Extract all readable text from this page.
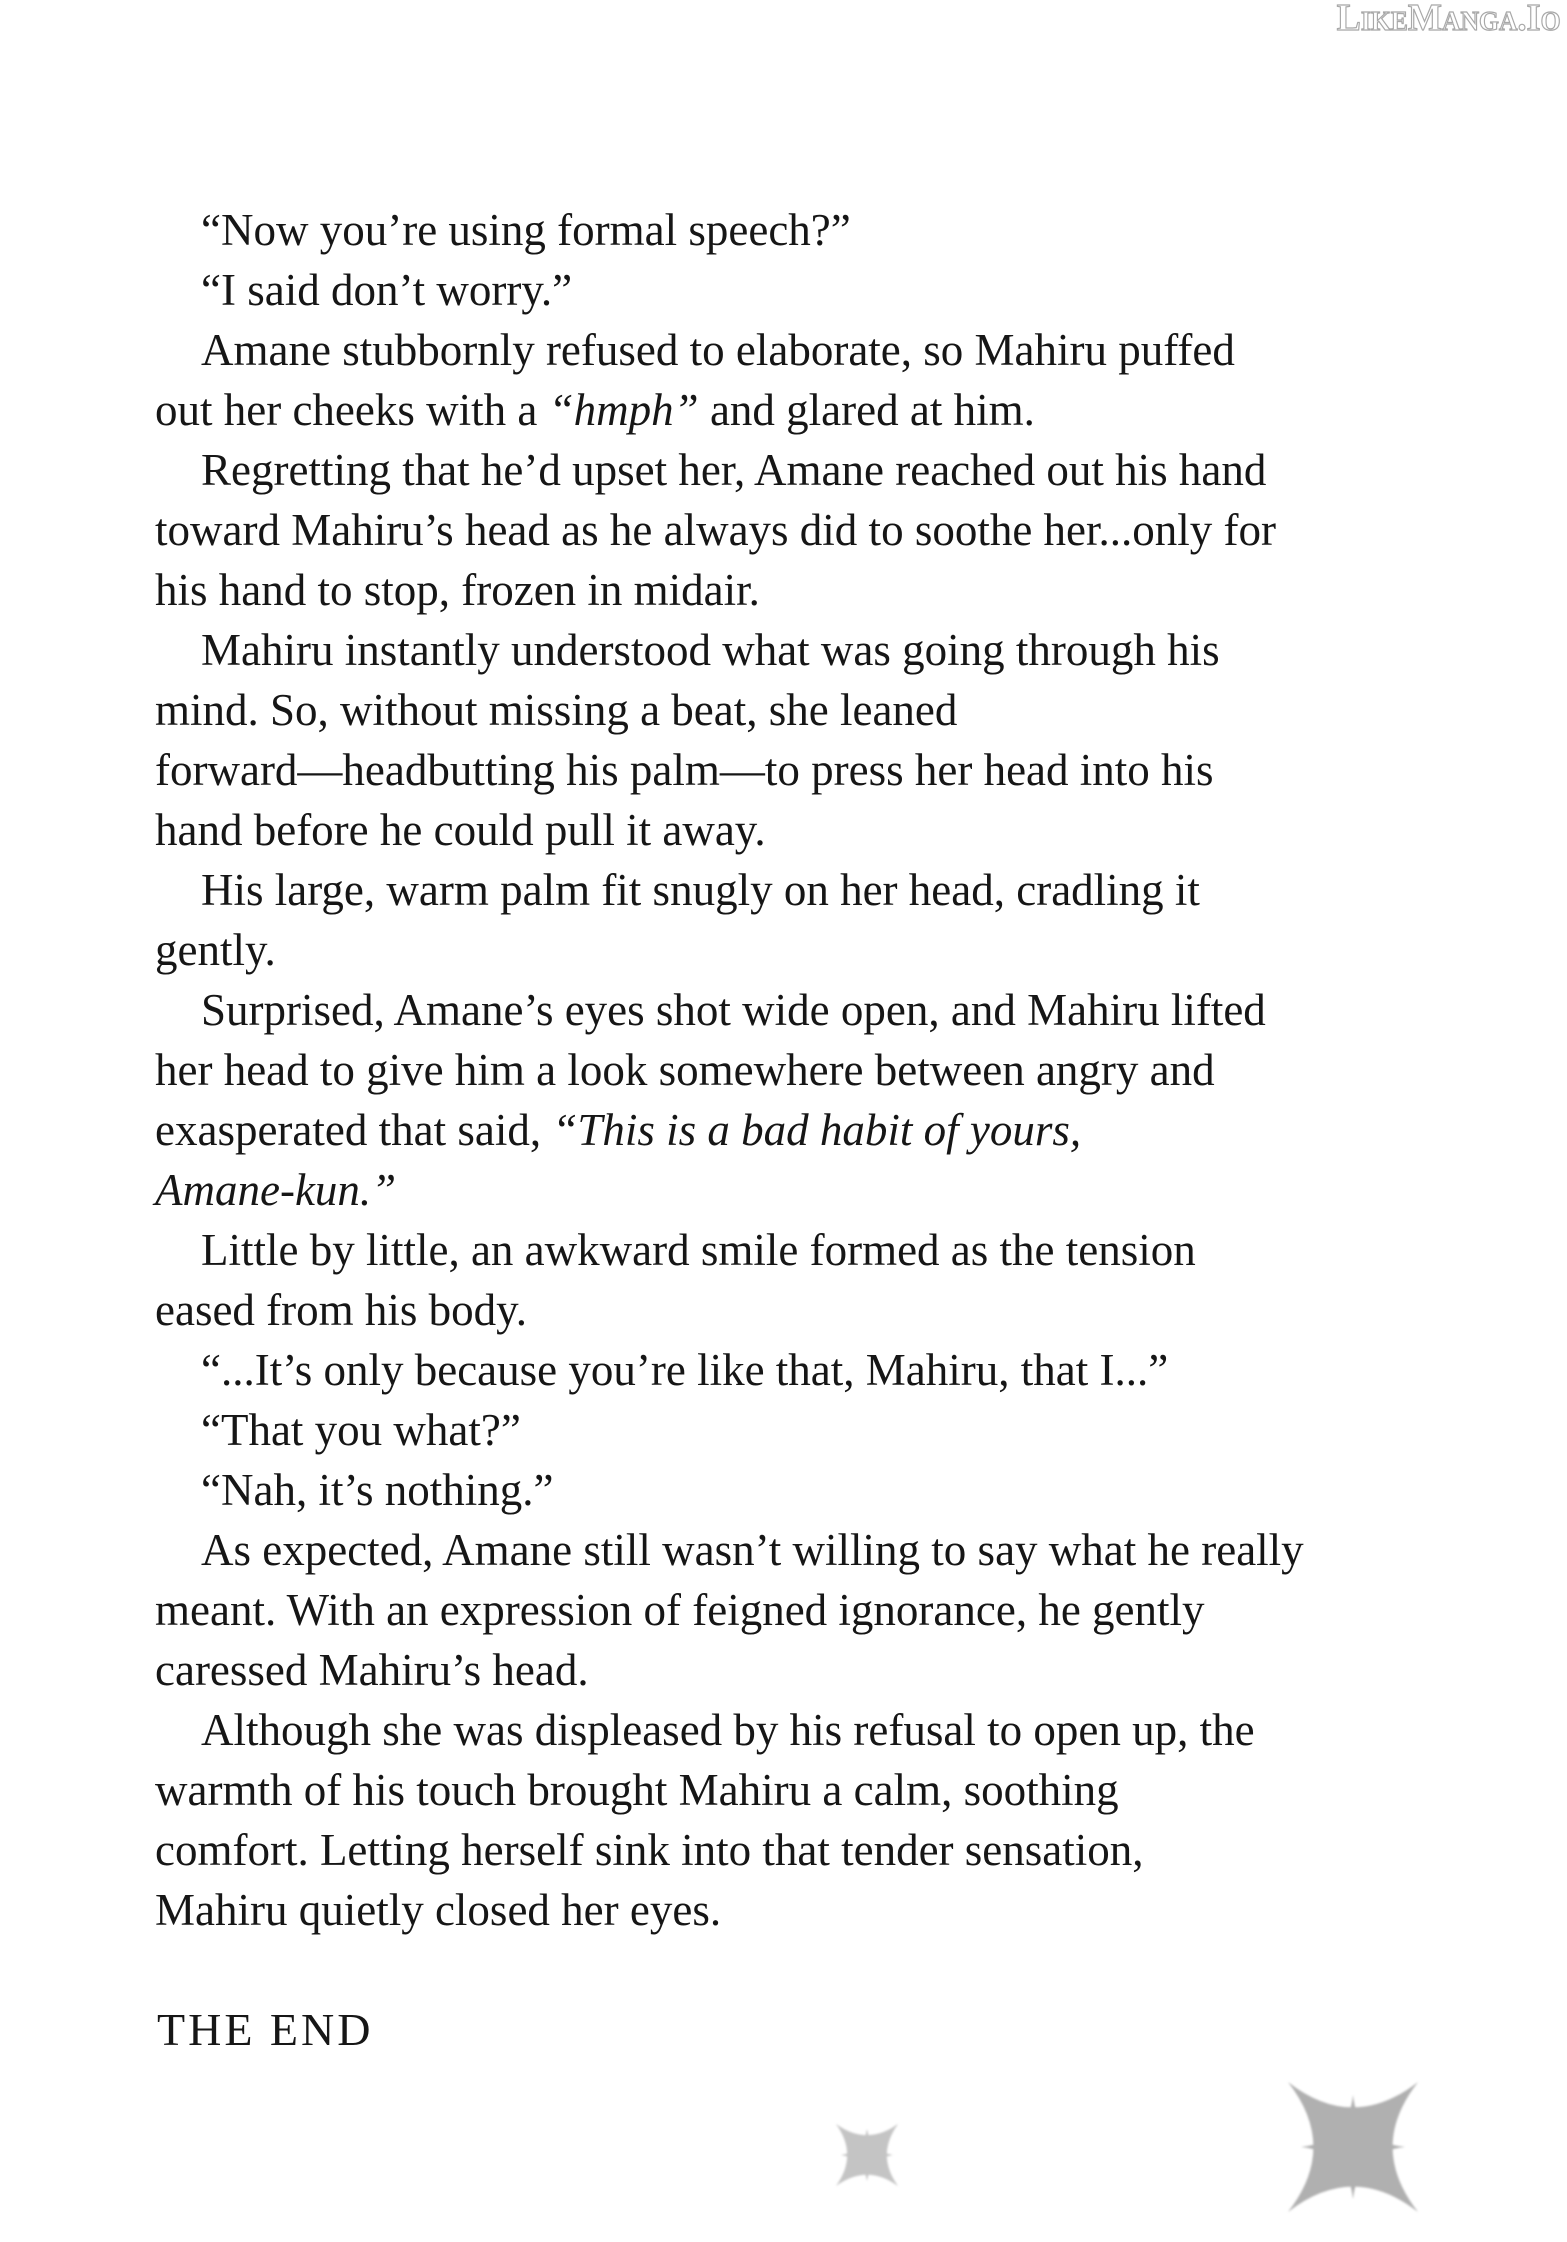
LikeManga.Io
“Now you’re using formal speech?”
“I said don’t worry.”
Amane stubbornly refused to elaborate, so Mahiru puffed
out her cheeks with a “hmph” and glared at him.
Regretting that he’d upset her, Amane reached out his hand
toward Mahiru’s head as he always did to soothe her...only for
his hand to stop, frozen in midair.
Mahiru instantly understood what was going through his
mind. So, without missing a beat, she leaned
forward—headbutting his palm—to press her head into his
hand before he could pull it away.
His large, warm palm fit snugly on her head, cradling it
gently.
Surprised, Amane’s eyes shot wide open, and Mahiru lifted
her head to give him a look somewhere between angry and
exasperated that said, “This is a bad habit of yours,
Amane-kun.”
Little by little, an awkward smile formed as the tension
eased from his body.
“...It’s only because you’re like that, Mahiru, that I...”
“That you what?”
“Nah, it’s nothing.”
As expected, Amane still wasn’t willing to say what he really
meant. With an expression of feigned ignorance, he gently
caressed Mahiru’s head.
Although she was displeased by his refusal to open up, the
warmth of his touch brought Mahiru a calm, soothing
comfort. Letting herself sink into that tender sensation,
Mahiru quietly closed her eyes.
THE END
